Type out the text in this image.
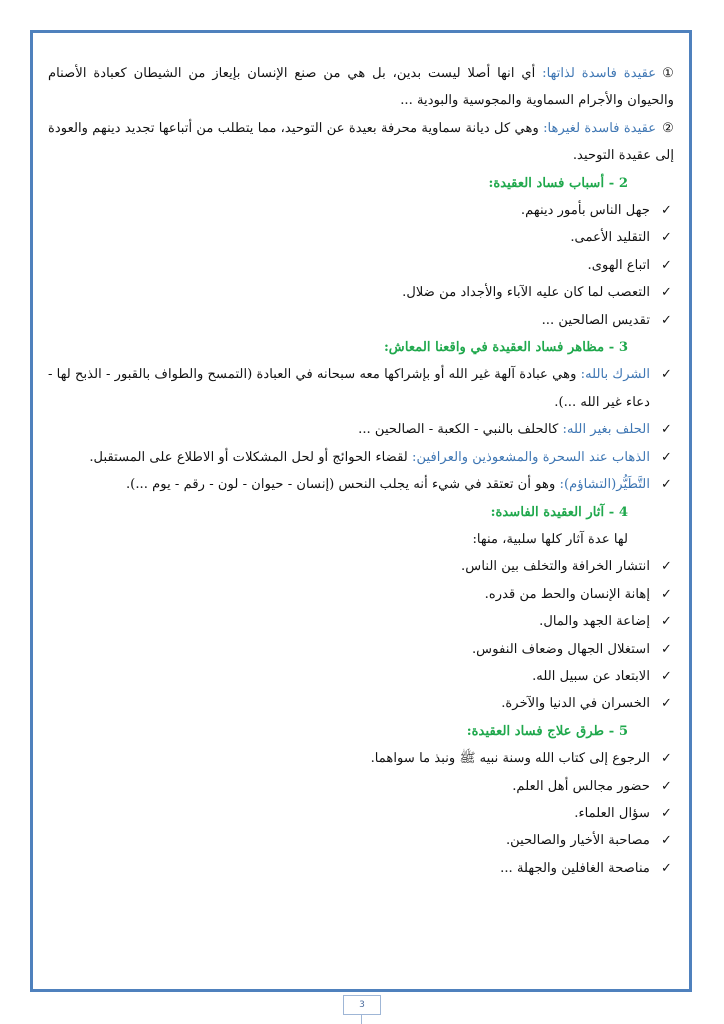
①عقيدة فاسدة لذاتها: أي انها أصلا ليست بدين، بل هي من صنع الإنسان بإيعاز من الشيطان كعبادة الأصنام والحيوان والأجرام السماوية والمجوسية والبودية ...

②عقيدة فاسدة لغيرها: وهي كل ديانة سماوية محرفة بعيدة عن التوحيد، مما يتطلب من أتباعها تجديد دينهم والعودة إلى عقيدة التوحيد.

2 - أسباب فساد العقيدة:

✓
جهل الناس بأمور دينهم.
✓
التقليد الأعمى.
✓
اتباع الهوى.
✓
التعصب لما كان عليه الآباء والأجداد من ضلال.
✓
تقديس الصالحين ...

3 - مظاهر فساد العقيدة في واقعنا المعاش:

✓
الشرك بالله: وهي عبادة آلهة غير الله أو بإشراكها معه سبحانه في العبادة (التمسح والطواف بالقبور - الذبح لها - دعاء غير الله ...).
✓
الحلف بغير الله: كالحلف بالنبي - الكعبة - الصالحين ...
✓
الذهاب عند السحرة والمشعوذين والعرافين: لقضاء الحوائج أو لحل المشكلات أو الاطلاع على المستقبل.
✓
التَّطَيُّر(التشاؤم): وهو أن تعتقد في شيء أنه يجلب النحس (إنسان - حيوان - لون - رقم - يوم ...).

4 - آثار العقيدة الفاسدة:

لها عدة آثار كلها سلبية، منها:

✓
انتشار الخرافة والتخلف بين الناس.
✓
إهانة الإنسان والحط من قدره.
✓
إضاعة الجهد والمال.
✓
استغلال الجهال وضعاف النفوس.
✓
الابتعاد عن سبيل الله.
✓
الخسران في الدنيا والآخرة.

5 - طرق علاج فساد العقيدة:

✓
الرجوع إلى كتاب الله وسنة نبيه ﷺ ونبذ ما سواهما.
✓
حضور مجالس أهل العلم.
✓
سؤال العلماء.
✓
مصاحبة الأخيار والصالحين.
✓
مناصحة الغافلين والجهلة ...
3
